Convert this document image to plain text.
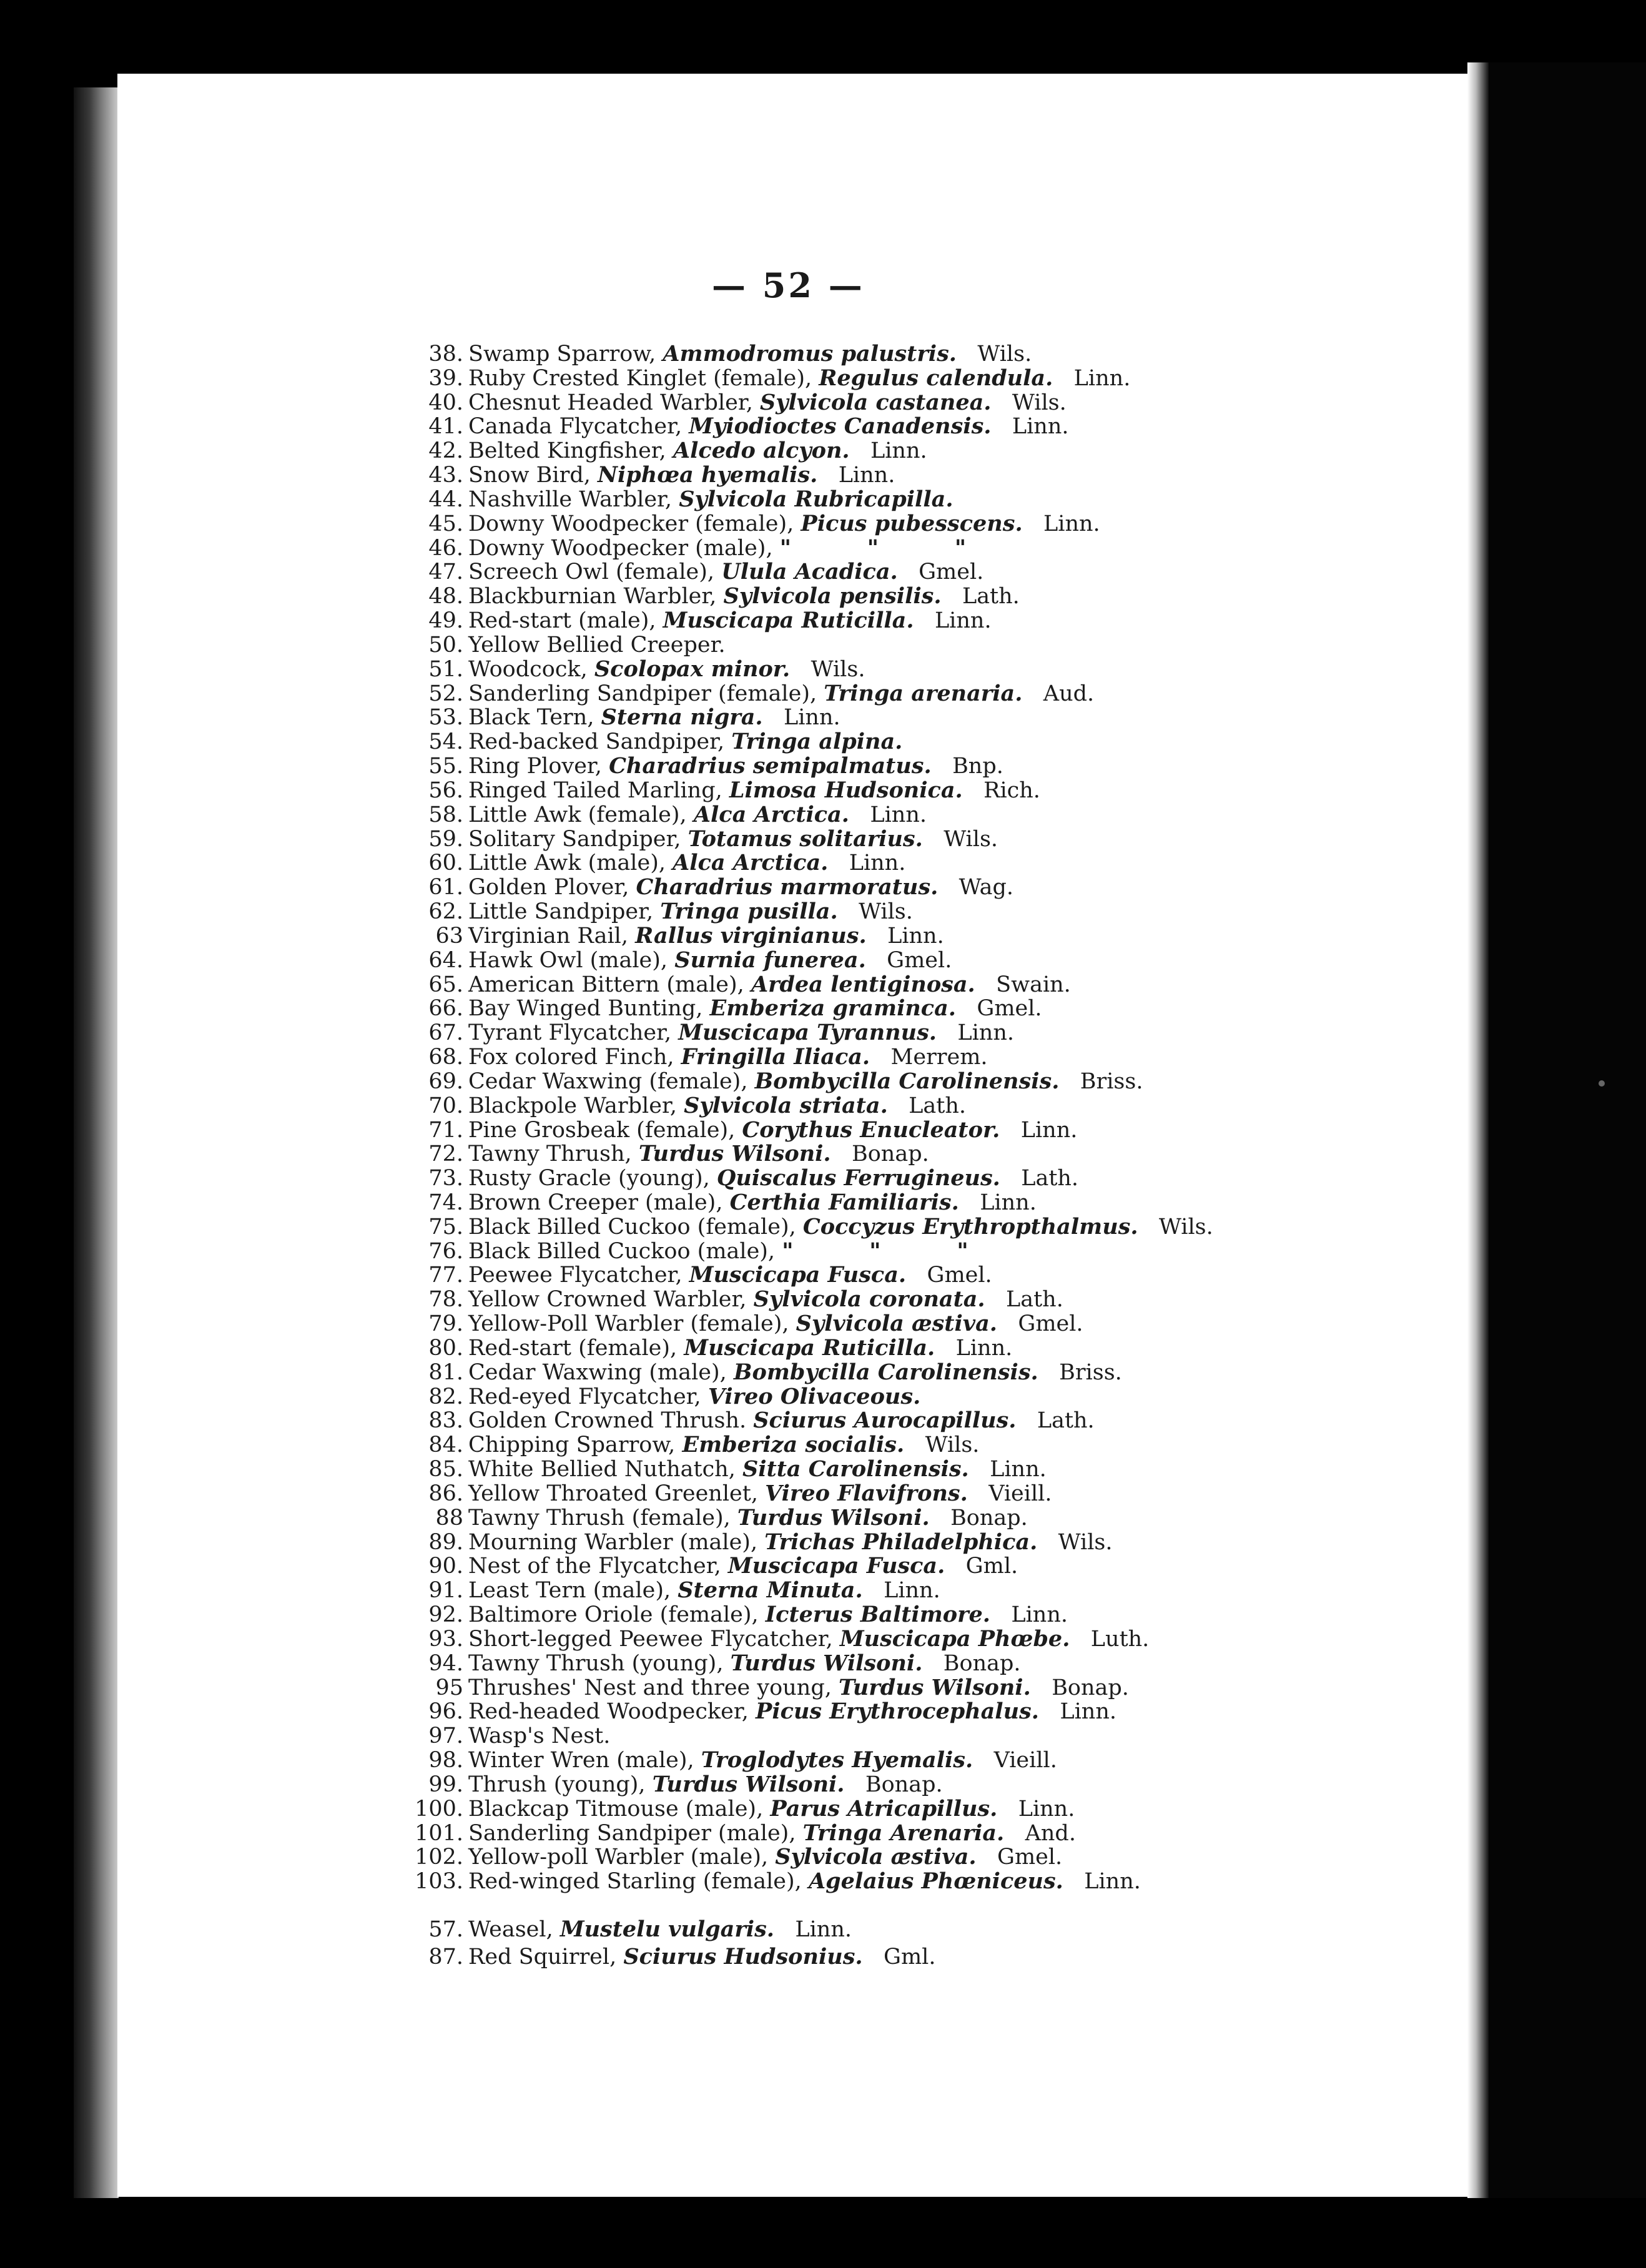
— 52 —
38. Swamp Sparrow, Ammodromus palustris. Wils.
39. Ruby Crested Kinglet (female), Regulus calendula. Linn.
40. Chesnut Headed Warbler, Sylvicola castanea. Wils.
41. Canada Flycatcher, Myiodioctes Canadensis. Linn.
42. Belted Kingfisher, Alcedo alcyon. Linn.
43. Snow Bird, Niphœa hyemalis. Linn.
44. Nashville Warbler, Sylvicola Rubricapilla.
45. Downy Woodpecker (female), Picus pubesscens. Linn.
46. Downy Woodpecker (male), "          "          "
47. Screech Owl (female), Ulula Acadica. Gmel.
48. Blackburnian Warbler, Sylvicola pensilis. Lath.
49. Red-start (male), Muscicapa Ruticilla. Linn.
50. Yellow Bellied Creeper.
51. Woodcock, Scolopax minor. Wils.
52. Sanderling Sandpiper (female), Tringa arenaria. Aud.
53. Black Tern, Sterna nigra. Linn.
54. Red-backed Sandpiper, Tringa alpina.
55. Ring Plover, Charadrius semipalmatus. Bnp.
56. Ringed Tailed Marling, Limosa Hudsonica. Rich.
58. Little Awk (female), Alca Arctica. Linn.
59. Solitary Sandpiper, Totamus solitarius. Wils.
60. Little Awk (male), Alca Arctica. Linn.
61. Golden Plover, Charadrius marmoratus. Wag.
62. Little Sandpiper, Tringa pusilla. Wils.
63 Virginian Rail, Rallus virginianus. Linn.
64. Hawk Owl (male), Surnia funerea. Gmel.
65. American Bittern (male), Ardea lentiginosa. Swain.
66. Bay Winged Bunting, Emberiza graminca. Gmel.
67. Tyrant Flycatcher, Muscicapa Tyrannus. Linn.
68. Fox colored Finch, Fringilla Iliaca. Merrem.
69. Cedar Waxwing (female), Bombycilla Carolinensis. Briss.
70. Blackpole Warbler, Sylvicola striata. Lath.
71. Pine Grosbeak (female), Corythus Enucleator. Linn.
72. Tawny Thrush, Turdus Wilsoni. Bonap.
73. Rusty Gracle (young), Quiscalus Ferrugineus. Lath.
74. Brown Creeper (male), Certhia Familiaris. Linn.
75. Black Billed Cuckoo (female), Coccyzus Erythropthalmus. Wils.
76. Black Billed Cuckoo (male), "          "          "
77. Peewee Flycatcher, Muscicapa Fusca. Gmel.
78. Yellow Crowned Warbler, Sylvicola coronata. Lath.
79. Yellow-Poll Warbler (female), Sylvicola æstiva. Gmel.
80. Red-start (female), Muscicapa Ruticilla. Linn.
81. Cedar Waxwing (male), Bombycilla Carolinensis. Briss.
82. Red-eyed Flycatcher, Vireo Olivaceous.
83. Golden Crowned Thrush. Sciurus Aurocapillus. Lath.
84. Chipping Sparrow, Emberiza socialis. Wils.
85. White Bellied Nuthatch, Sitta Carolinensis. Linn.
86. Yellow Throated Greenlet, Vireo Flavifrons. Vieill.
88 Tawny Thrush (female), Turdus Wilsoni. Bonap.
89. Mourning Warbler (male), Trichas Philadelphica. Wils.
90. Nest of the Flycatcher, Muscicapa Fusca. Gml.
91. Least Tern (male), Sterna Minuta. Linn.
92. Baltimore Oriole (female), Icterus Baltimore. Linn.
93. Short-legged Peewee Flycatcher, Muscicapa Phœbe. Luth.
94. Tawny Thrush (young), Turdus Wilsoni. Bonap.
95 Thrushes' Nest and three young, Turdus Wilsoni. Bonap.
96. Red-headed Woodpecker, Picus Erythrocephalus. Linn.
97. Wasp's Nest.
98. Winter Wren (male), Troglodytes Hyemalis. Vieill.
99. Thrush (young), Turdus Wilsoni. Bonap.
100. Blackcap Titmouse (male), Parus Atricapillus. Linn.
101. Sanderling Sandpiper (male), Tringa Arenaria. And.
102. Yellow-poll Warbler (male), Sylvicola æstiva. Gmel.
103. Red-winged Starling (female), Agelaius Phœniceus. Linn.
57. Weasel, Mustelu vulgaris. Linn.
87. Red Squirrel, Sciurus Hudsonius. Gml.
